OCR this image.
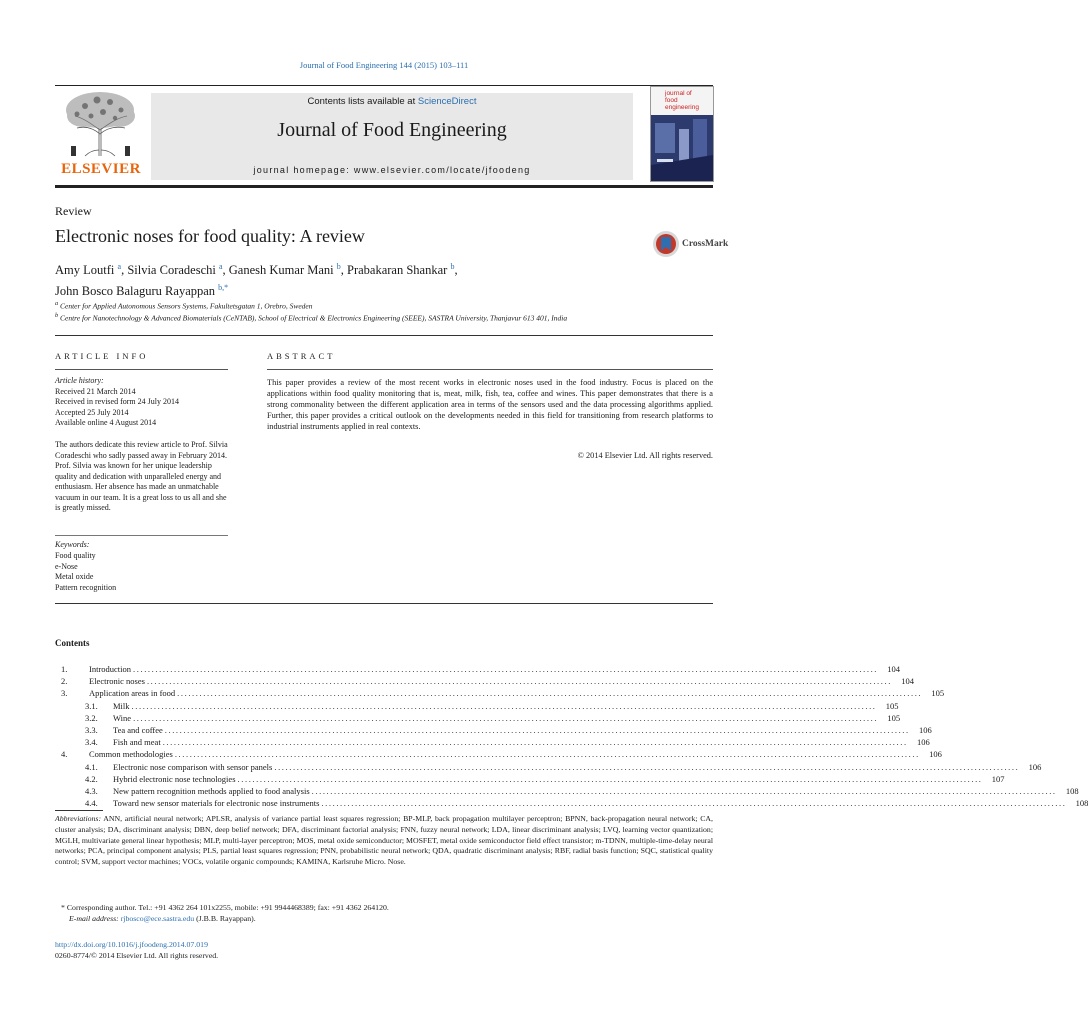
Journal of Food Engineering 144 (2015) 103–111
ELSEVIER
Contents lists available at ScienceDirect
Journal of Food Engineering
journal homepage: www.elsevier.com/locate/jfoodeng
journal of
food engineering
Review
Electronic noses for food quality: A review	CrossMark
Amy Loutfi $^a$, Silvia Coradeschi $^a$, Ganesh Kumar Mani $^b$, Prabakaran Shankar $^b$,
John Bosco Balaguru Rayappan $^{b,*}$
$^a$ Center for Applied Autonomous Sensors Systems, Fakultetsgatan 1, Orebro, Sweden
$^b$ Centre for Nanotechnology & Advanced Biomaterials (CeNTAB), School of Electrical & Electronics Engineering (SEEE), SASTRA University, Thanjavur 613 401, India
ARTICLE INFO	ABSTRACT
Article history:
Received 21 March 2014
Received in revised form 24 July 2014
Accepted 25 July 2014
Available online 4 August 2014
The authors dedicate this review article to Prof. Silvia Coradeschi who sadly passed away in February 2014. Prof. Silvia was known for her unique leadership quality and dedication with unparalleled energy and enthusiasm. Her absence has made an unmatchable vacuum in our team. It is a great loss to us all and she is greatly missed.
Keywords:
Food quality
e-Nose
Metal oxide
Pattern recognition
This paper provides a review of the most recent works in electronic noses used in the food industry. Focus is placed on the applications within food quality monitoring that is, meat, milk, fish, tea, coffee and wines. This paper demonstrates that there is a strong commonality between the different application area in terms of the sensors used and the data processing algorithms applied. Further, this paper provides a critical outlook on the developments needed in this field for transitioning from research platforms to industrial instruments applied in real contexts.
© 2014 Elsevier Ltd. All rights reserved.
Contents
1.	Introduction ........................................................................................................................................................................................................	104
2.	Electronic noses ........................................................................................................................................................................................................	104
3.	Application areas in food ........................................................................................................................................................................................................	105
3.1.	Milk ........................................................................................................................................................................................................	105
3.2.	Wine ........................................................................................................................................................................................................	105
3.3.	Tea and coffee ........................................................................................................................................................................................................	106
3.4.	Fish and meat ........................................................................................................................................................................................................	106
4.	Common methodologies ........................................................................................................................................................................................................	106
4.1.	Electronic nose comparison with sensor panels ........................................................................................................................................................................................................	106
4.2.	Hybrid electronic nose technologies ........................................................................................................................................................................................................	107
4.3.	New pattern recognition methods applied to food analysis ........................................................................................................................................................................................................	108
4.4.	Toward new sensor materials for electronic nose instruments ........................................................................................................................................................................................................	108
Abbreviations: ANN, artificial neural network; APLSR, analysis of variance partial least squares regression; BP-MLP, back propagation multilayer perceptron; BPNN, back-propagation neural network; CA, cluster analysis; DA, discriminant analysis; DBN, deep belief network; DFA, discriminant factorial analysis; FNN, fuzzy neural network; LDA, linear discriminant analysis; LVQ, learning vector quantization; MGLH, multivariate general linear hypothesis; MLP, multi-layer perceptron; MOS, metal oxide semiconductor; MOSFET, metal oxide semiconductor field effect transistor; m-TDNN, multiple-time-delay neural networks; PCA, principal component analysis; PLS, partial least squares regression; PNN, probabilistic neural network; QDA, quadratic discriminant analysis; RBF, radial basis function; SQC, statistical quality control; SVM, support vector machines; VOCs, volatile organic compounds; KAMINA, Karlsruhe Micro. Nose.
* Corresponding author. Tel.: +91 4362 264 101x2255, mobile: +91 9944468389; fax: +91 4362 264120.
E-mail address: rjbosco@ece.sastra.edu (J.B.B. Rayappan).
http://dx.doi.org/10.1016/j.jfoodeng.2014.07.019
0260-8774/© 2014 Elsevier Ltd. All rights reserved.
